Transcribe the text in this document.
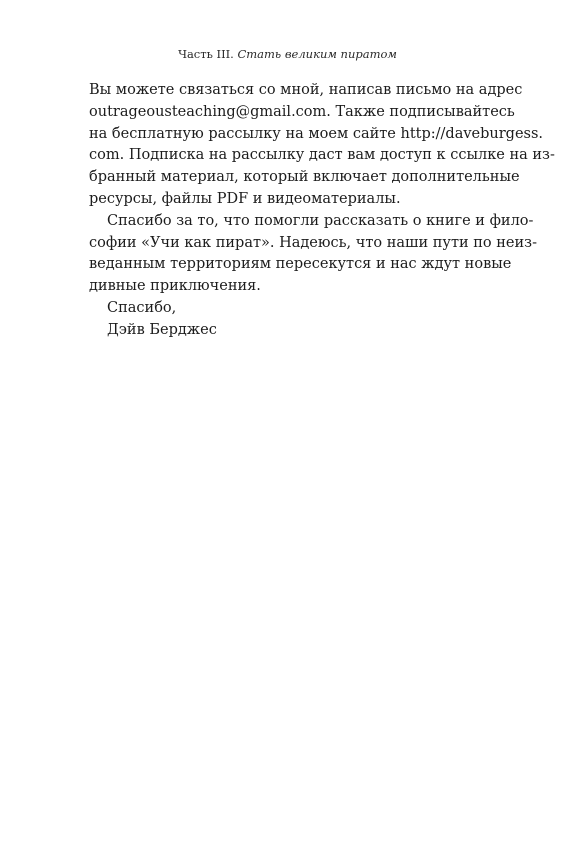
Часть III. Стать великим пиратом
Вы можете связаться со мной, написав письмо на адрес
outrageousteaching@gmail.com. Также подписывайтесь
на бесплатную рассылку на моем сайте http://daveburgess.
com. Подписка на рассылку даст вам доступ к ссылке на из-
бранный материал, который включает дополнительные
ресурсы, файлы PDF и видеоматериалы.
Спасибо за то, что помогли рассказать о книге и фило-
софии «Учи как пират». Надеюсь, что наши пути по неиз-
веданным территориям пересекутся и нас ждут новые
дивные приключения.
Спасибо,
Дэйв Берджес
